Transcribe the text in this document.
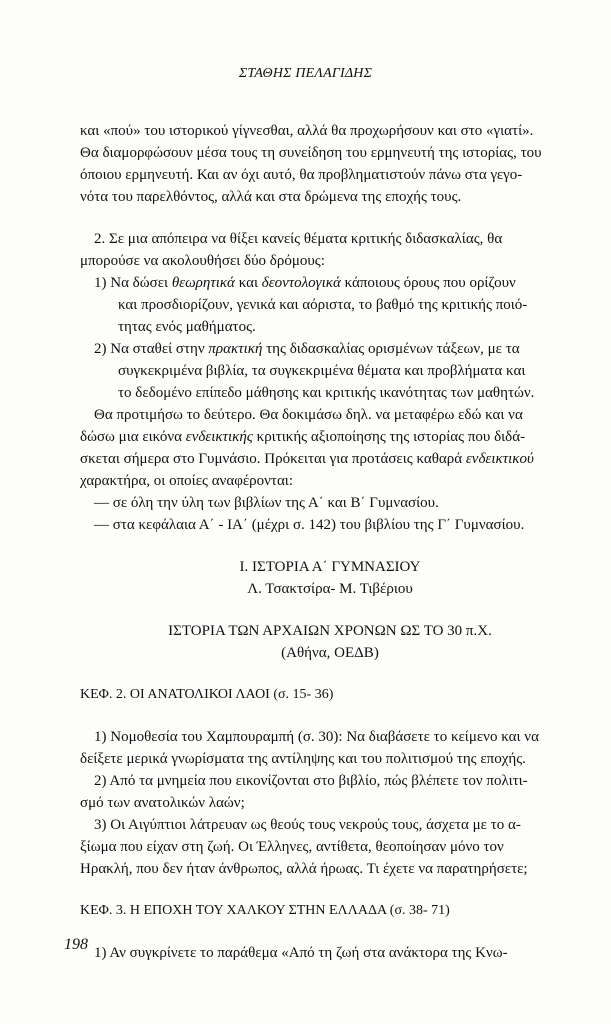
ΣΤΑΘΗΣ ΠΕΛΑΓΙΔΗΣ

και «πού» του ιστορικού γίγνεσθαι, αλλά θα προχωρήσουν και στο «γιατί».

Θα διαμορφώσουν μέσα τους τη συνείδηση του ερμηνευτή της ιστορίας, του

όποιου ερμηνευτή. Και αν όχι αυτό, θα προβληματιστούν πάνω στα γεγο-

νότα του παρελθόντος, αλλά και στα δρώμενα της εποχής τους.

2. Σε μια απόπειρα να θίξει κανείς θέματα κριτικής διδασκαλίας, θα

μπορούσε να ακολουθήσει δύο δρόμους:

1) Να δώσει θεωρητικά και δεοντολογικά κάποιους όρους που ορίζουν

και προσδιορίζουν, γενικά και αόριστα, το βαθμό της κριτικής ποιό-

τητας ενός μαθήματος.

2) Να σταθεί στην πρακτική της διδασκαλίας ορισμένων τάξεων, με τα

συγκεκριμένα βιβλία, τα συγκεκριμένα θέματα και προβλήματα και

το δεδομένο επίπεδο μάθησης και κριτικής ικανότητας των μαθητών.

Θα προτιμήσω το δεύτερο. Θα δοκιμάσω δηλ. να μεταφέρω εδώ και να

δώσω μια εικόνα ενδεικτικής κριτικής αξιοποίησης της ιστορίας που διδά-

σκεται σήμερα στο Γυμνάσιο. Πρόκειται για προτάσεις καθαρά ενδεικτικού

χαρακτήρα, οι οποίες αναφέρονται:

— σε όλη την ύλη των βιβλίων της Α΄ και Β΄ Γυμνασίου.

— στα κεφάλαια Α΄ - ΙΑ΄ (μέχρι σ. 142) του βιβλίου της Γ΄ Γυμνασίου.

Ι. ΙΣΤΟΡΙΑ Α΄ ΓΥΜΝΑΣΙΟΥ

Λ. Τσακτσίρα- Μ. Τιβέριου

ΙΣΤΟΡΙΑ ΤΩΝ ΑΡΧΑΙΩΝ ΧΡΟΝΩΝ ΩΣ ΤΟ 30 π.Χ.

(Αθήνα, ΟΕΔΒ)

ΚΕΦ. 2. ΟΙ ΑΝΑΤΟΛΙΚΟΙ ΛΑΟΙ (σ. 15- 36)

1) Νομοθεσία του Χαμπουραμπή (σ. 30): Να διαβάσετε το κείμενο και να

δείξετε μερικά γνωρίσματα της αντίληψης και του πολιτισμού της εποχής.

2) Από τα μνημεία που εικονίζονται στο βιβλίο, πώς βλέπετε τον πολιτι-

σμό των ανατολικών λαών;

3) Οι Αιγύπτιοι λάτρευαν ως θεούς τους νεκρούς τους, άσχετα με το α-

ξίωμα που είχαν στη ζωή. Οι Έλληνες, αντίθετα, θεοποίησαν μόνο τον

Ηρακλή, που δεν ήταν άνθρωπος, αλλά ήρωας. Τι έχετε να παρατηρήσετε;

ΚΕΦ. 3. Η ΕΠΟΧΗ ΤΟΥ ΧΑΛΚΟΥ ΣΤΗΝ ΕΛΛΑΔΑ (σ. 38- 71)

1) Αν συγκρίνετε το παράθεμα «Από τη ζωή στα ανάκτορα της Κνω-

198
